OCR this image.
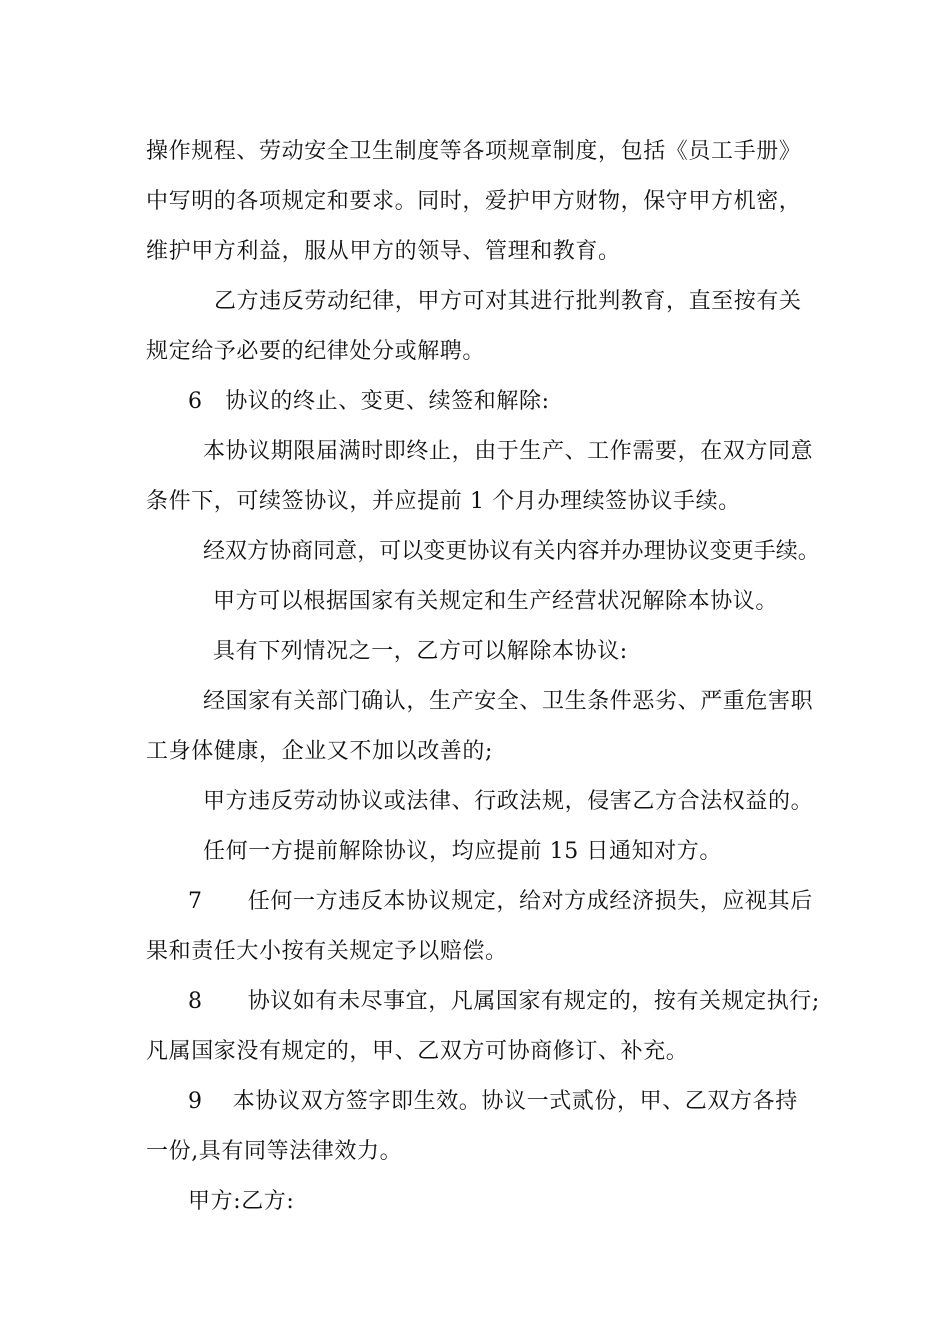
操作规程、劳动安全卫生制度等各项规章制度，包括《员工手册》
中写明的各项规定和要求。同时，爱护甲方财物，保守甲方机密，
维护甲方利益，服从甲方的领导、管理和教育。
乙方违反劳动纪律，甲方可对其进行批判教育，直至按有关
规定给予必要的纪律处分或解聘。
6　协议的终止、变更、续签和解除:
本协议期限届满时即终止，由于生产、工作需要，在双方同意
条件下，可续签协议，并应提前 1 个月办理续签协议手续。
经双方协商同意，可以变更协议有关内容并办理协议变更手续。
甲方可以根据国家有关规定和生产经营状况解除本协议。
具有下列情况之一，乙方可以解除本协议:
经国家有关部门确认，生产安全、卫生条件恶劣、严重危害职
工身体健康，企业又不加以改善的;
甲方违反劳动协议或法律、行政法规，侵害乙方合法权益的。
任何一方提前解除协议，均应提前 15 日通知对方。
7　　任何一方违反本协议规定，给对方成经济损失，应视其后
果和责任大小按有关规定予以赔偿。
8　　协议如有未尽事宜，凡属国家有规定的，按有关规定执行;
凡属国家没有规定的，甲、乙双方可协商修订、补充。
9　 本协议双方签字即生效。协议一式贰份，甲、乙双方各持
一份,具有同等法律效力。
甲方:乙方:
